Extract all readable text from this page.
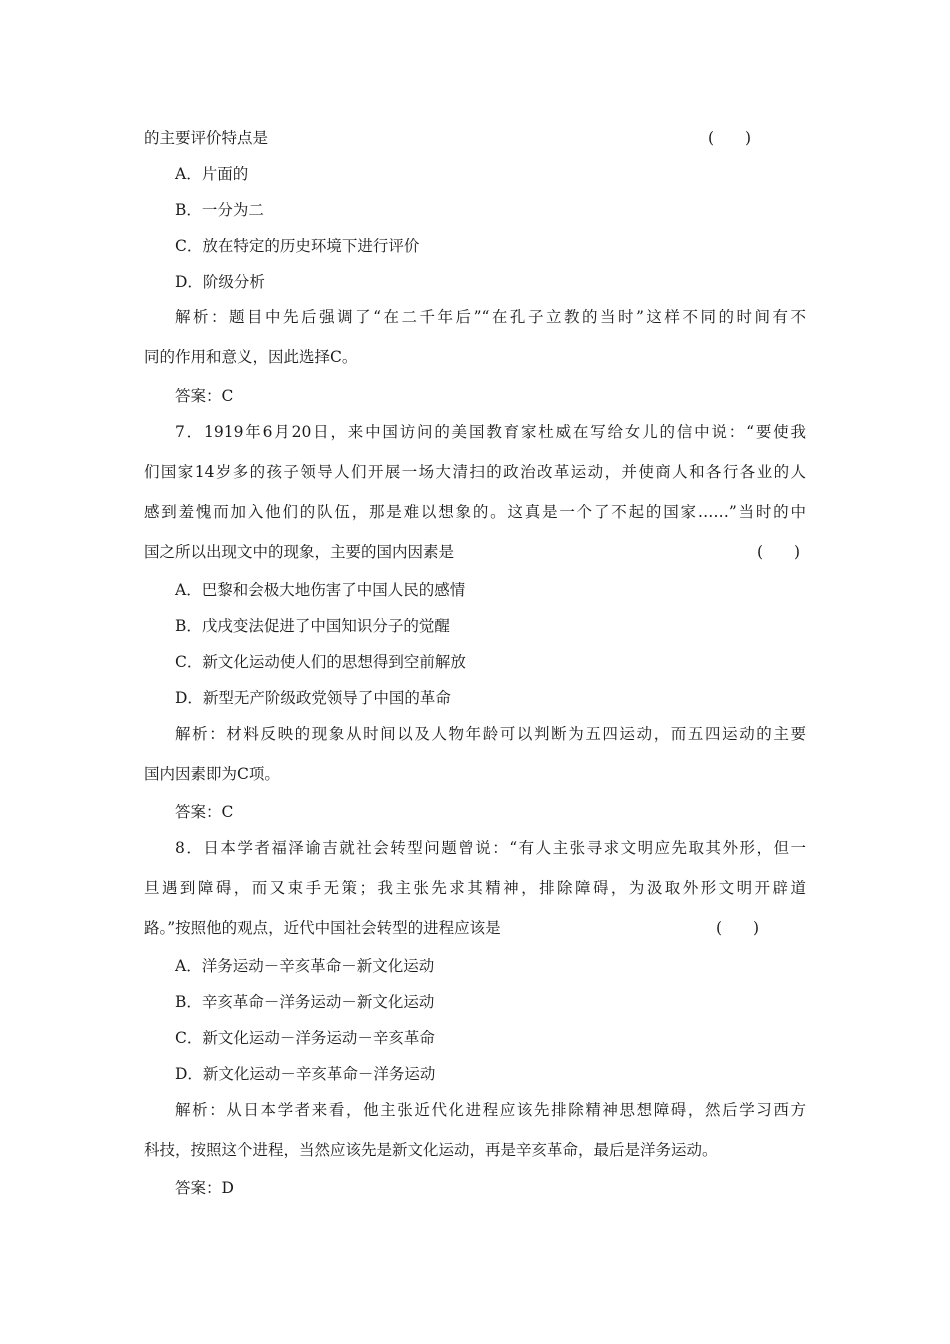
的主要评价特点是	(　　)
A．片面的
B．一分为二
C．放在特定的历史环境下进行评价
D．阶级分析
解析：题目中先后强调了“在二千年后”“在孔子立教的当时”这样不同的时间有不
同的作用和意义，因此选择C。
答案：C
7．1919年6月20日，来中国访问的美国教育家杜威在写给女儿的信中说：“要使我
们国家14岁多的孩子领导人们开展一场大清扫的政治改革运动，并使商人和各行各业的人
感到羞愧而加入他们的队伍，那是难以想象的。这真是一个了不起的国家……”当时的中
国之所以出现文中的现象，主要的国内因素是	(　　)
A．巴黎和会极大地伤害了中国人民的感情
B．戊戌变法促进了中国知识分子的觉醒
C．新文化运动使人们的思想得到空前解放
D．新型无产阶级政党领导了中国的革命
解析：材料反映的现象从时间以及人物年龄可以判断为五四运动，而五四运动的主要
国内因素即为C项。
答案：C
8．日本学者福泽谕吉就社会转型问题曾说：“有人主张寻求文明应先取其外形，但一
旦遇到障碍，而又束手无策；我主张先求其精神，排除障碍，为汲取外形文明开辟道
路。”按照他的观点，近代中国社会转型的进程应该是	(　　)
A．洋务运动－辛亥革命－新文化运动
B．辛亥革命－洋务运动－新文化运动
C．新文化运动－洋务运动－辛亥革命
D．新文化运动－辛亥革命－洋务运动
解析：从日本学者来看，他主张近代化进程应该先排除精神思想障碍，然后学习西方
科技，按照这个进程，当然应该先是新文化运动，再是辛亥革命，最后是洋务运动。
答案：D
